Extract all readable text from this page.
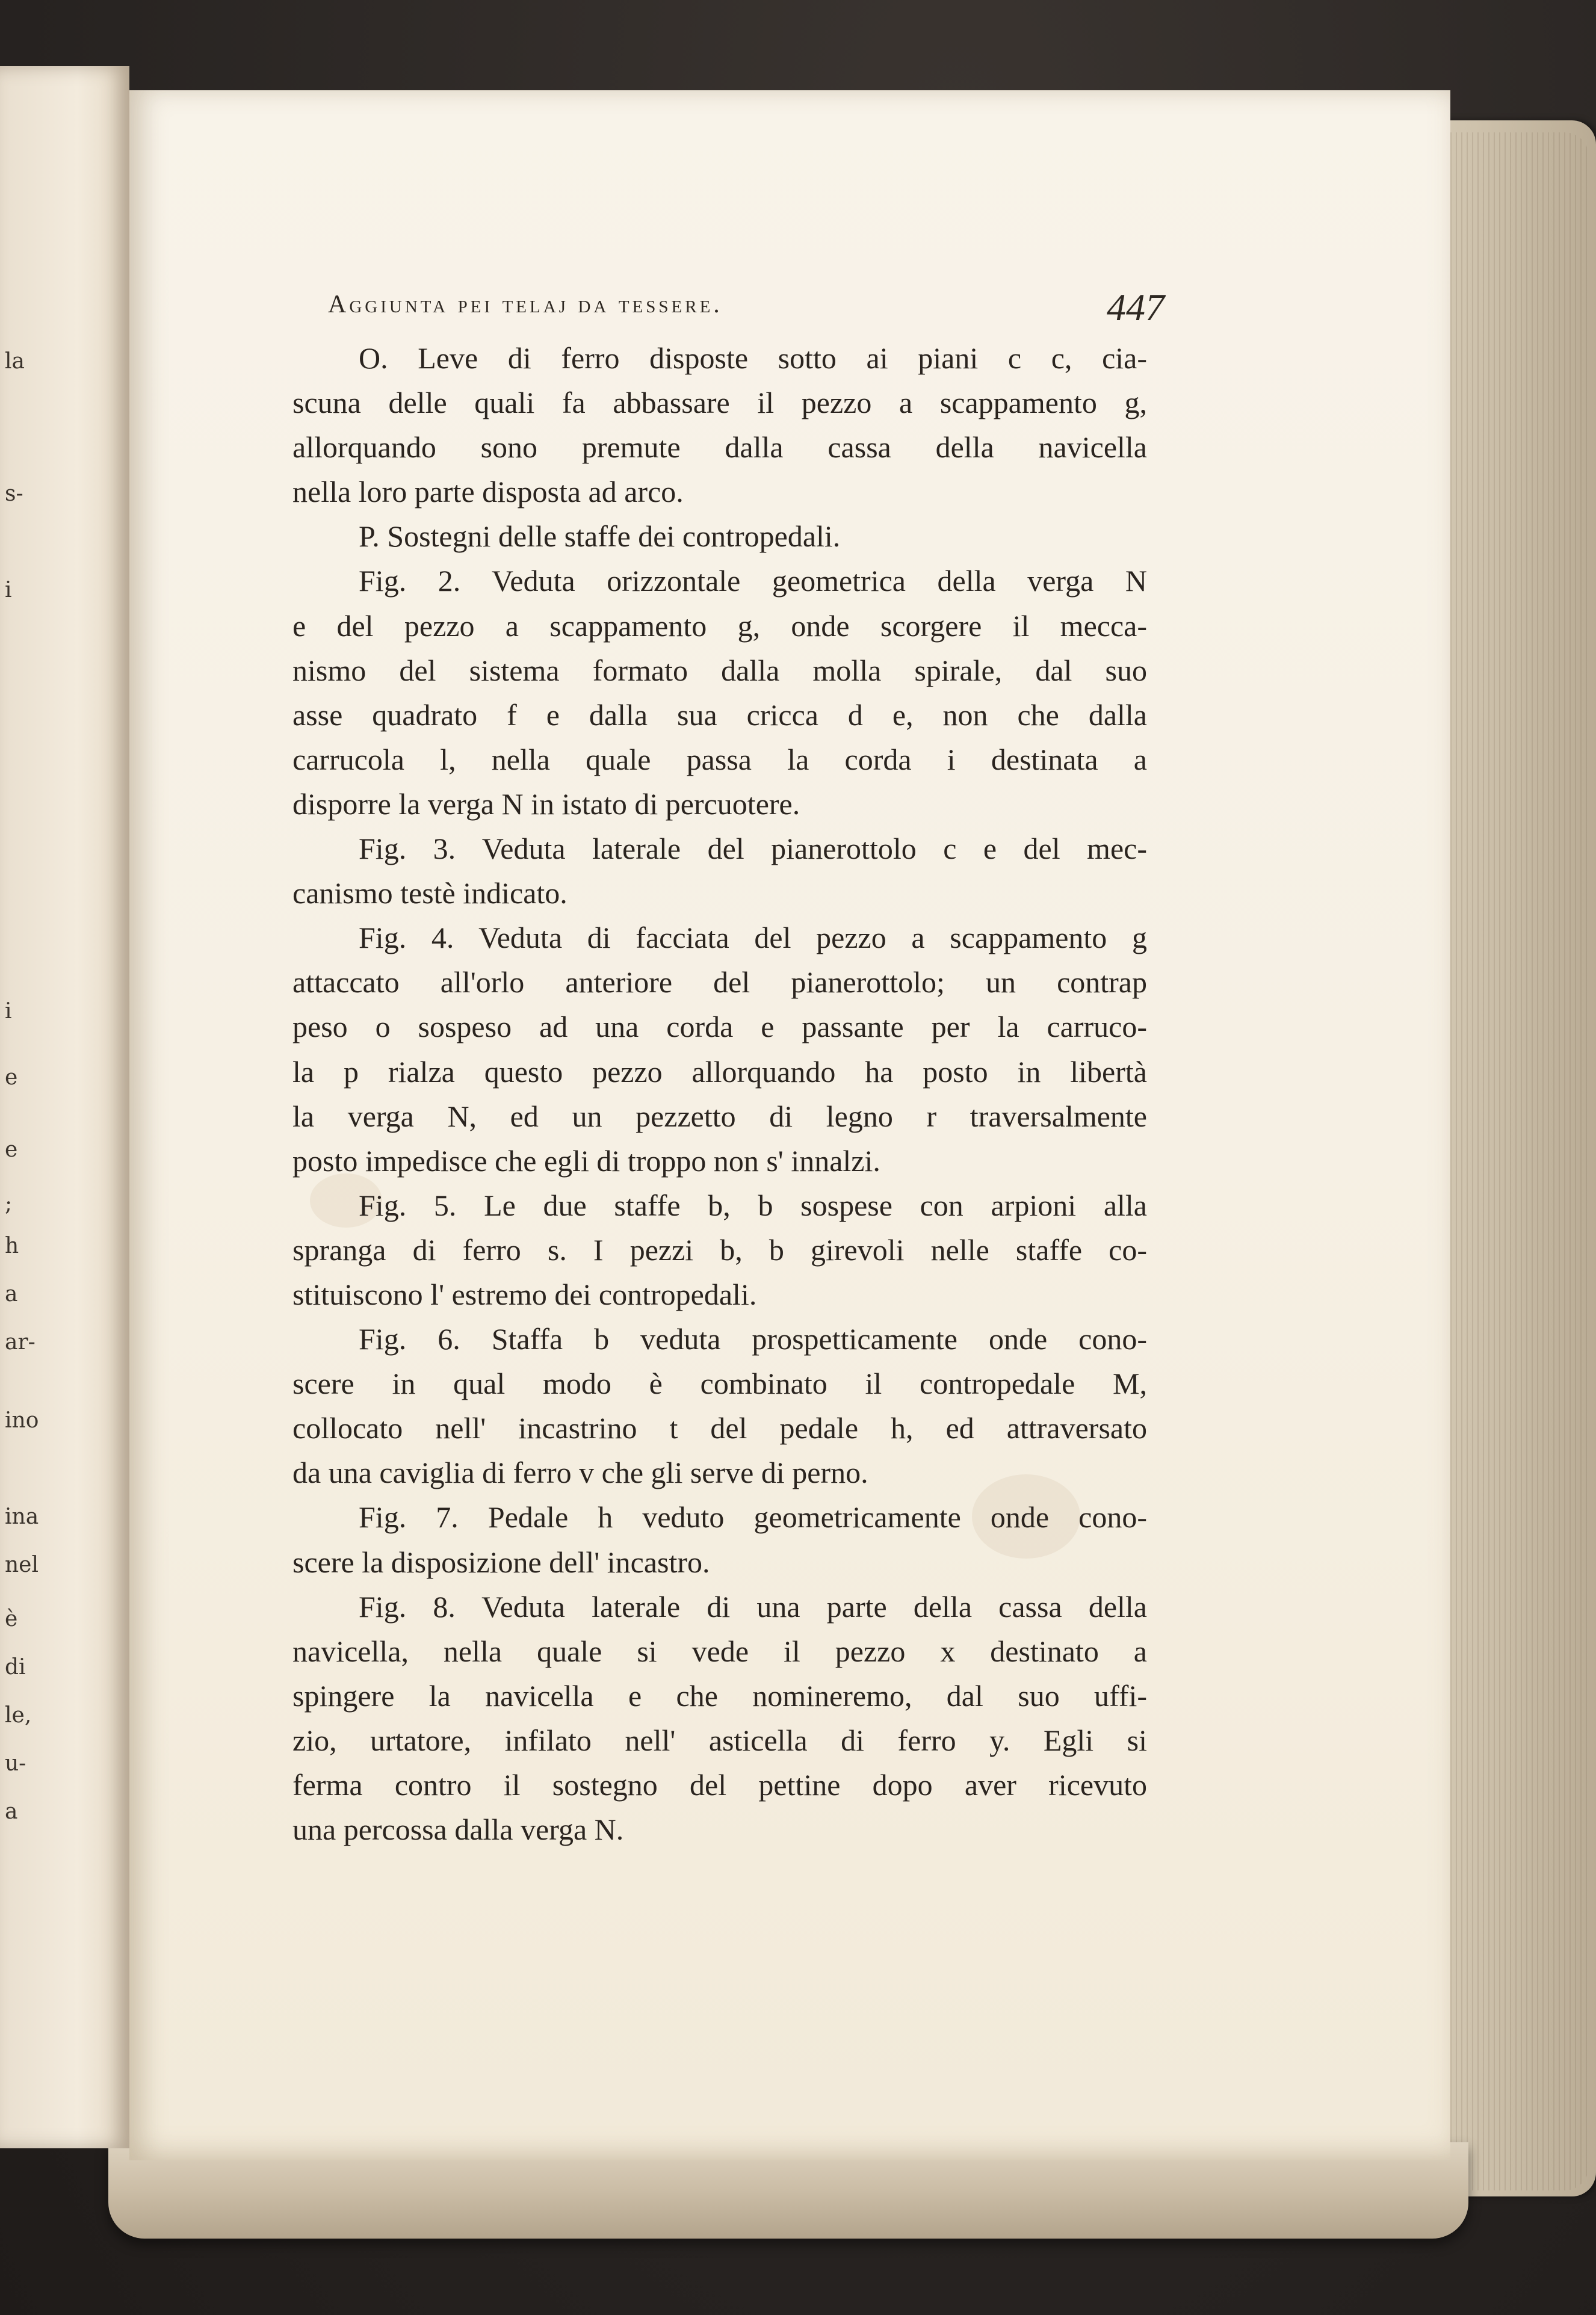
la
s-
i
i
e
e
;
h
a
ar-
ino
ina
nel
è
di
le,
u-
a
Aggiunta pei telaj da tessere.	447
O. Leve di ferro disposte sotto ai piani c c, cia-
scuna delle quali fa abbassare il pezzo a scappamento g,
allorquando sono premute dalla cassa della navicella
nella loro parte disposta ad arco.
P. Sostegni delle staffe dei contropedali.
Fig. 2. Veduta orizzontale geometrica della verga N
e del pezzo a scappamento g, onde scorgere il mecca-
nismo del sistema formato dalla molla spirale, dal suo
asse quadrato f e dalla sua cricca d e, non che dalla
carrucola l, nella quale passa la corda i destinata a
disporre la verga N in istato di percuotere.
Fig. 3. Veduta laterale del pianerottolo c e del mec-
canismo testè indicato.
Fig. 4. Veduta di facciata del pezzo a scappamento g
attaccato all'orlo anteriore del pianerottolo; un contrap
peso o sospeso ad una corda e passante per la carruco-
la p rialza questo pezzo allorquando ha posto in libertà
la verga N, ed un pezzetto di legno r traversalmente
posto impedisce che egli di troppo non s' innalzi.
Fig. 5. Le due staffe b, b sospese con arpioni alla
spranga di ferro s. I pezzi b, b girevoli nelle staffe co-
stituiscono l' estremo dei contropedali.
Fig. 6. Staffa b veduta prospetticamente onde cono-
scere in qual modo è combinato il contropedale M,
collocato nell' incastrino t del pedale h, ed attraversato
da una caviglia di ferro v che gli serve di perno.
Fig. 7. Pedale h veduto geometricamente onde cono-
scere la disposizione dell' incastro.
Fig. 8. Veduta laterale di una parte della cassa della
navicella, nella quale si vede il pezzo x destinato a
spingere la navicella e che nomineremo, dal suo uffi-
zio, urtatore, infilato nell' asticella di ferro y. Egli si
ferma contro il sostegno del pettine dopo aver ricevuto
una percossa dalla verga N.
